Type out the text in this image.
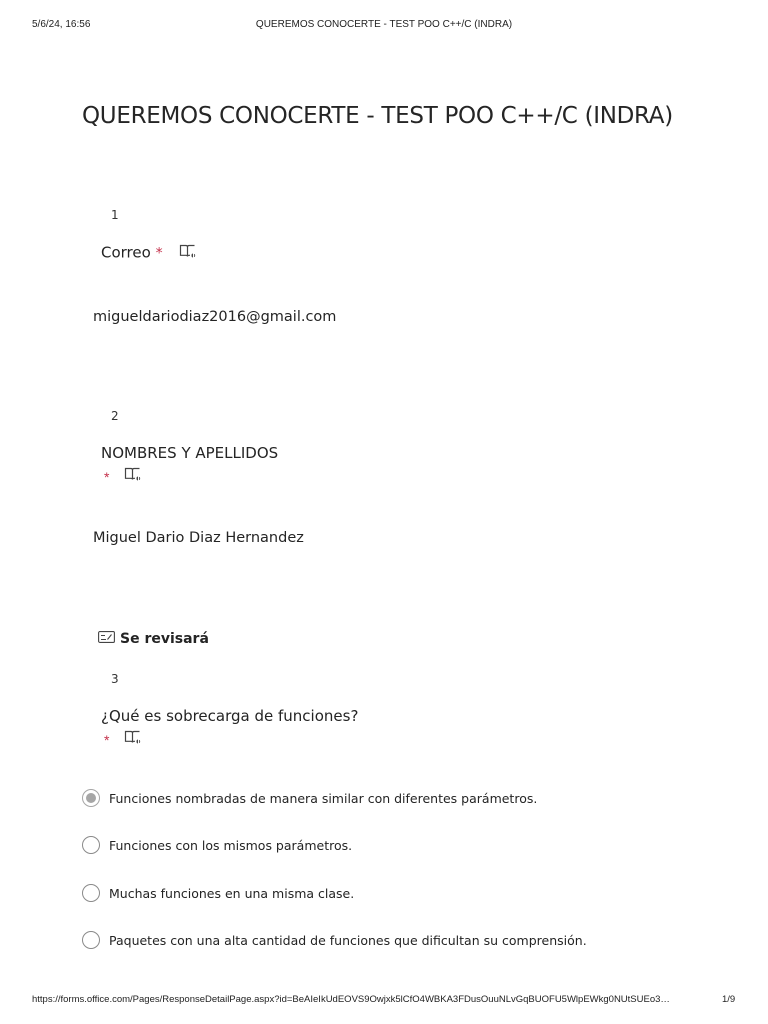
5/6/24, 16:56	QUEREMOS CONOCERTE - TEST POO C++/C (INDRA)
QUEREMOS CONOCERTE - TEST POO C++/C (INDRA)
1
Correo *
migueldariodiaz2016@gmail.com
2
NOMBRES Y APELLIDOS
*
Miguel Dario Diaz Hernandez
Se revisará
3
¿Qué es sobrecarga de funciones?
*
Funciones nombradas de manera similar con diferentes parámetros.
Funciones con los mismos parámetros.
Muchas funciones en una misma clase.
Paquetes con una alta cantidad de funciones que dificultan su comprensión.
https://forms.office.com/Pages/ResponseDetailPage.aspx?id=BeAIeIkUdEOVS9Owjxk5lCfO4WBKA3FDusOuuNLvGqBUOFU5WlpEWkg0NUtSUEo3…	1/9
